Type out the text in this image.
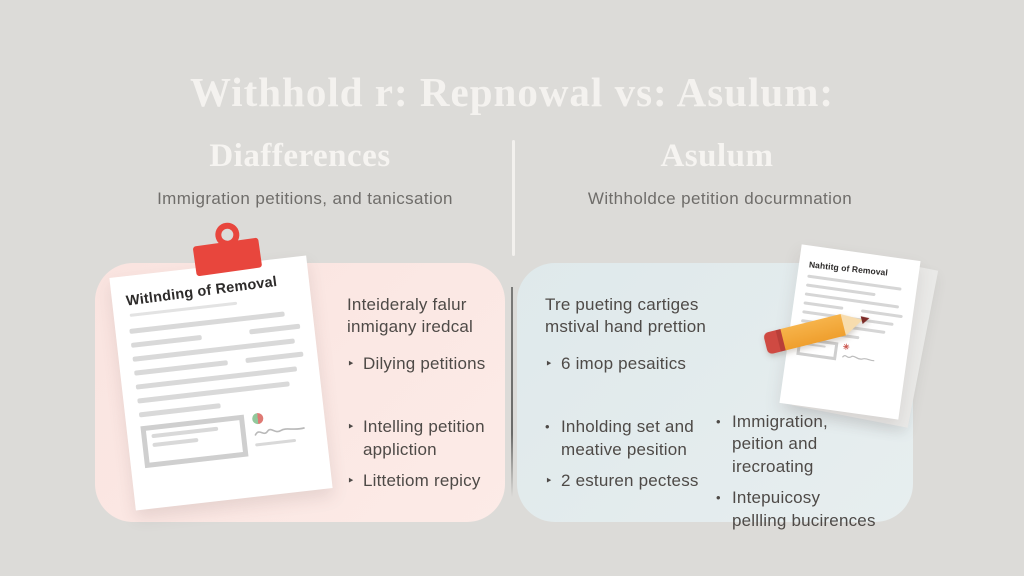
Withhold r: Repnowal vs: Asulum:
Diafferences	Asulum
Immigration petitions, and tanicsation	Withholdce petition docurmnation

Inteideraly falur inmigany iredcal

‣ Dilying petitions
‣ Intelling petition appliction
‣ Littetiom repicy

Tre pueting cartiges mstival hand prettion

‣ 6 imop pesaitics
• Inholding set and meative pesition
‣ 2 esturen pectess
• Immigration, peition and irecroating
• Intepuicosy pellling bucirences
Witlnding of Removal
Nahtitg of Removal
✳
